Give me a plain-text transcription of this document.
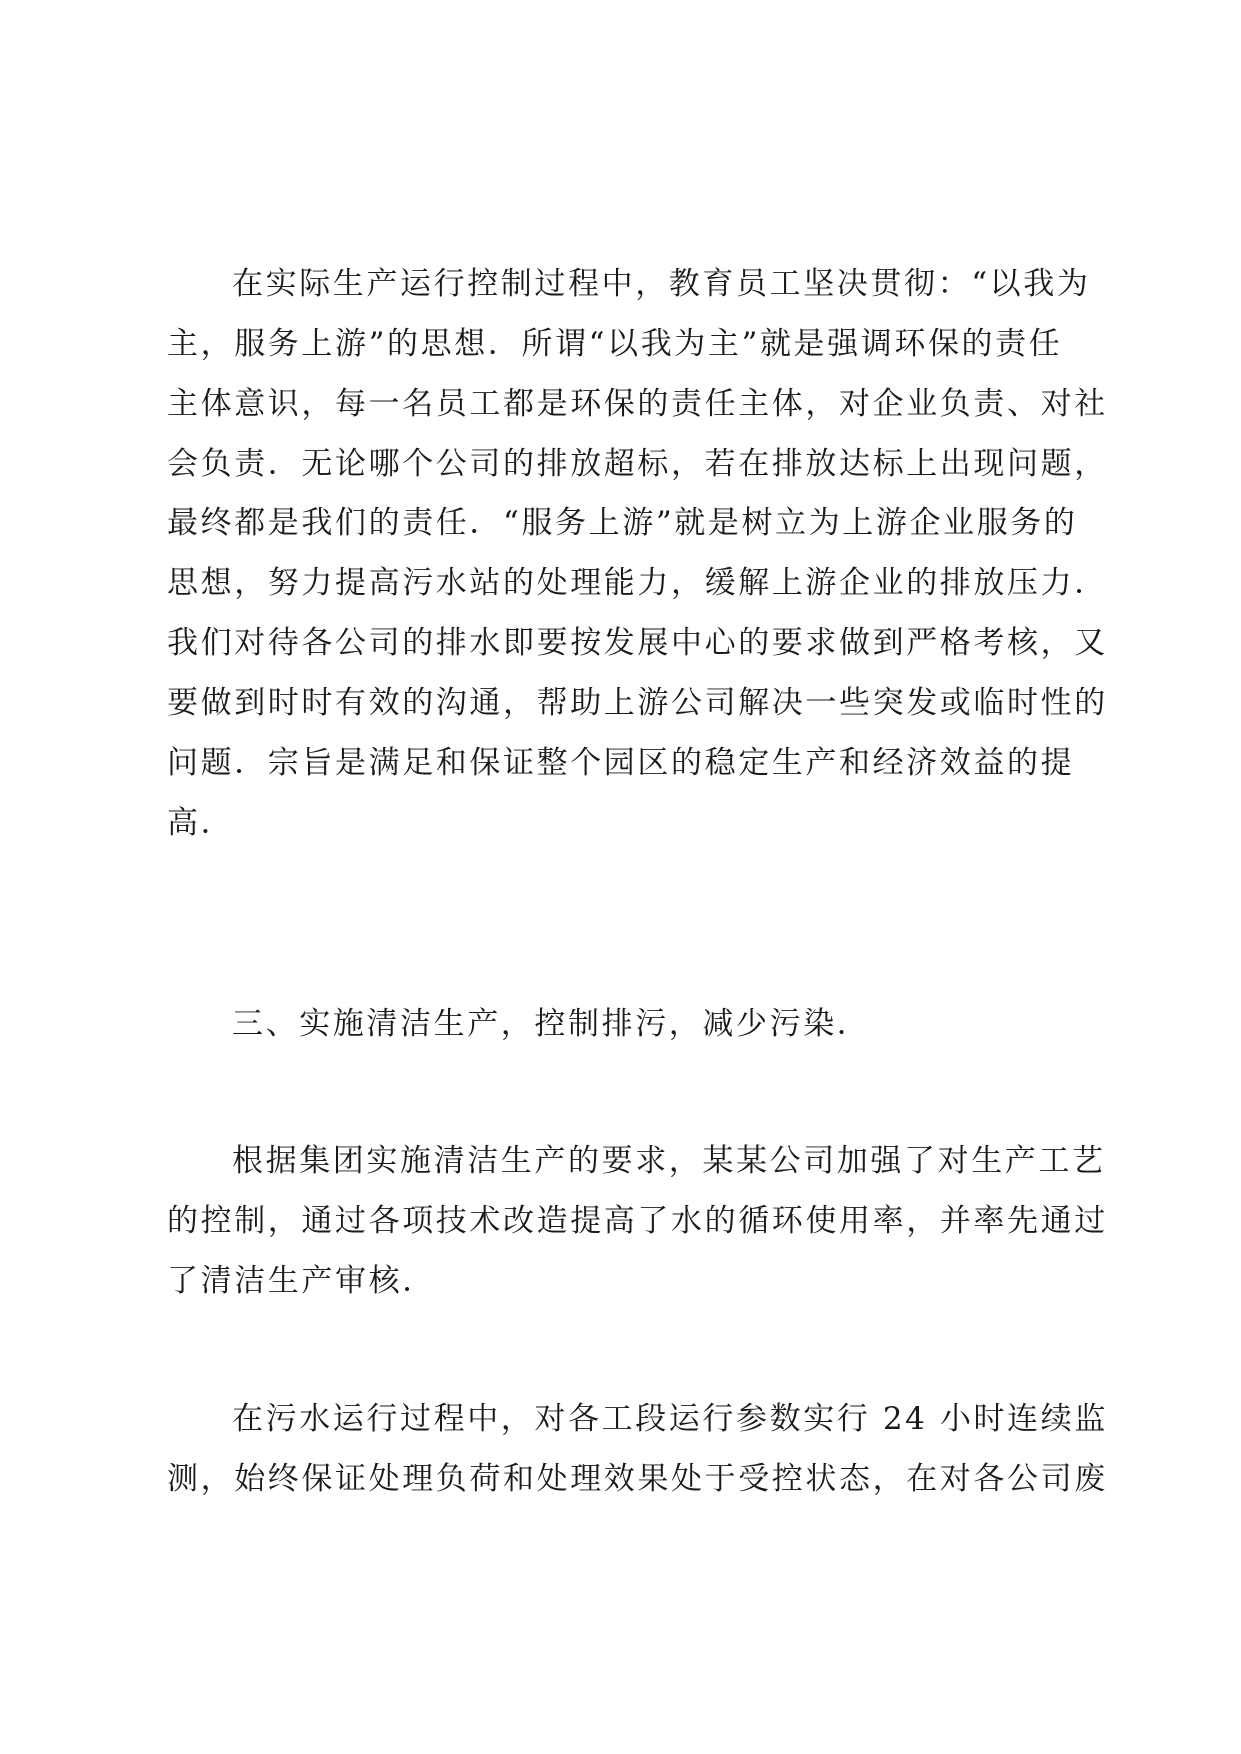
在实际生产运行控制过程中，教育员工坚决贯彻：“以我为
主，服务上游”的思想．所谓“以我为主”就是强调环保的责任
主体意识，每一名员工都是环保的责任主体，对企业负责、对社
会负责．无论哪个公司的排放超标，若在排放达标上出现问题，
最终都是我们的责任．“服务上游”就是树立为上游企业服务的
思想，努力提高污水站的处理能力，缓解上游企业的排放压力．
我们对待各公司的排水即要按发展中心的要求做到严格考核，又
要做到时时有效的沟通，帮助上游公司解决一些突发或临时性的
问题．宗旨是满足和保证整个园区的稳定生产和经济效益的提
高．
三、实施清洁生产，控制排污，减少污染．
根据集团实施清洁生产的要求，某某公司加强了对生产工艺
的控制，通过各项技术改造提高了水的循环使用率，并率先通过
了清洁生产审核．
在污水运行过程中，对各工段运行参数实行 24 小时连续监
测，始终保证处理负荷和处理效果处于受控状态，在对各公司废
